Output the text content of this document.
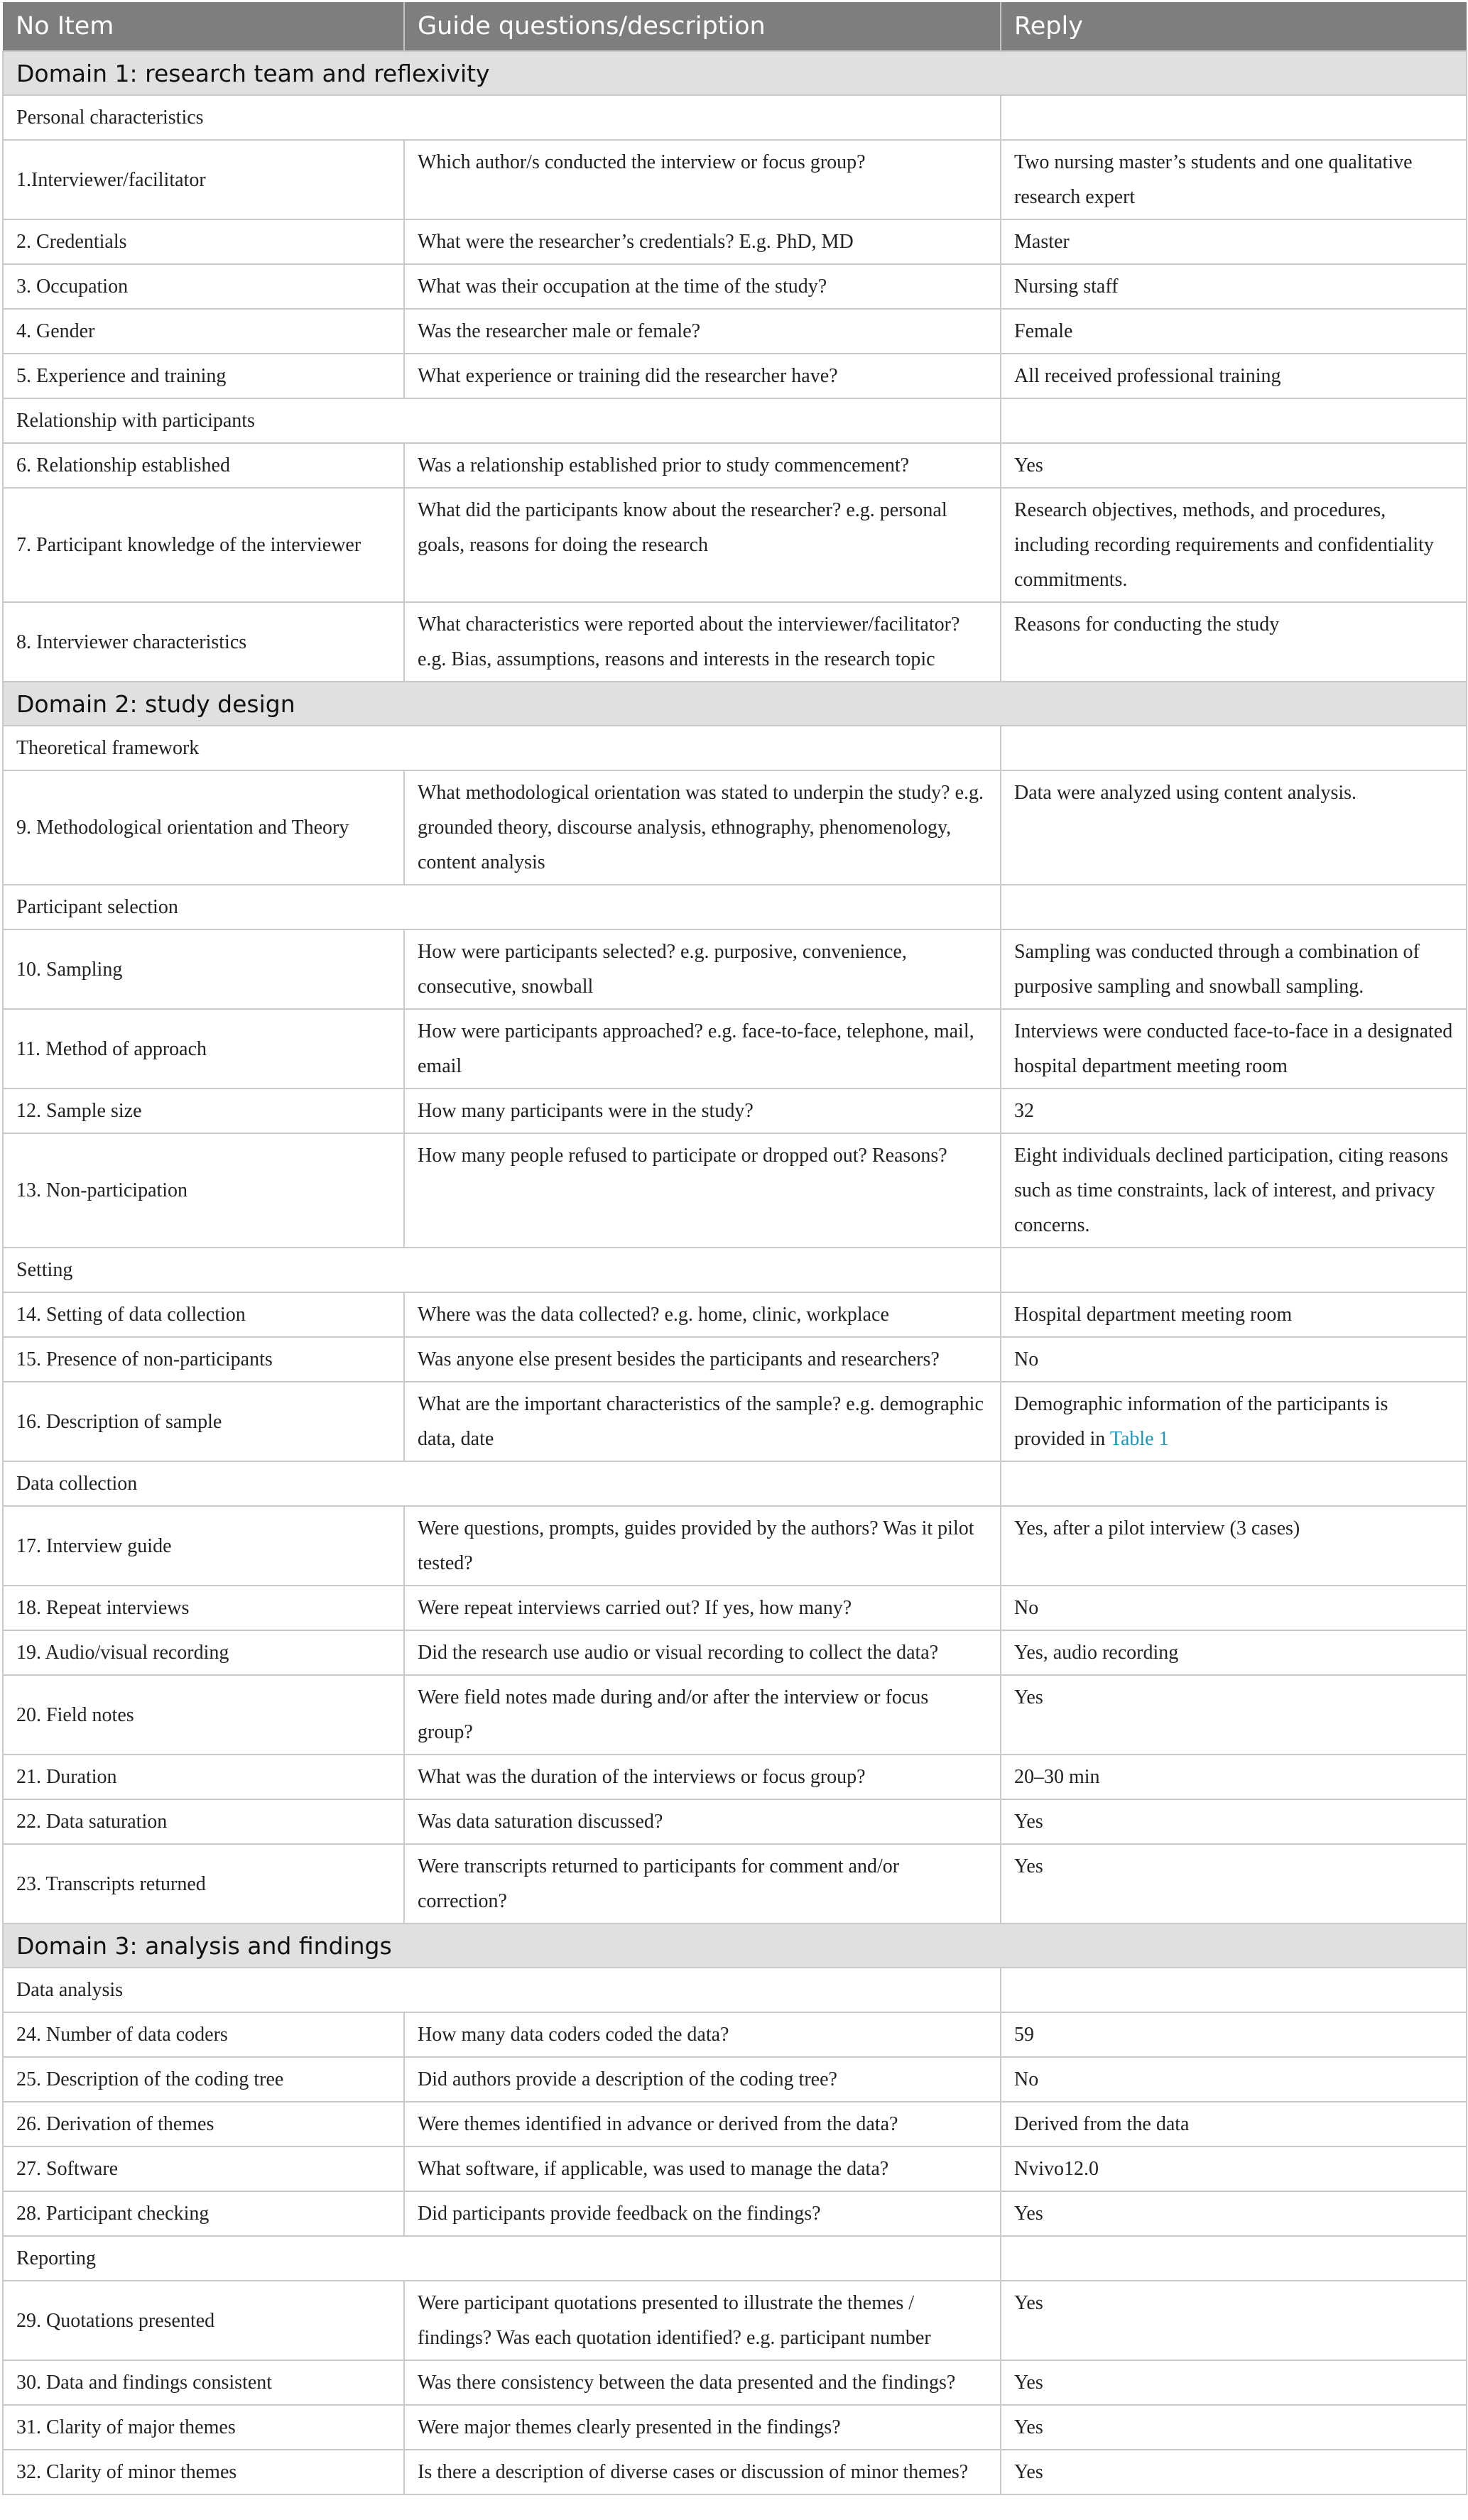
No Item	Guide questions/description	Reply
Domain 1: research team and reflexivity		
Personal characteristics		
1.Interviewer/facilitator	Which author/s conducted the interview or focus group?	Two nursing master’s students and one qualitative research expert
2. Credentials	What were the researcher’s credentials? E.g. PhD, MD	Master
3. Occupation	What was their occupation at the time of the study?	Nursing staff
4. Gender	Was the researcher male or female?	Female
5. Experience and training	What experience or training did the researcher have?	All received professional training
Relationship with participants		
6. Relationship established	Was a relationship established prior to study commencement?	Yes
7. Participant knowledge of the interviewer	What did the participants know about the researcher? e.g. personal goals, reasons for doing the research	Research objectives, methods, and procedures, including recording requirements and confidentiality commitments.
8. Interviewer characteristics	What characteristics were reported about the interviewer/facilitator? e.g. Bias, assumptions, reasons and interests in the research topic	Reasons for conducting the study
Domain 2: study design		
Theoretical framework		
9. Methodological orientation and Theory	What methodological orientation was stated to underpin the study? e.g. grounded theory, discourse analysis, ethnography, phenomenology, content analysis	Data were analyzed using content analysis.
Participant selection		
10. Sampling	How were participants selected? e.g. purposive, convenience, consecutive, snowball	Sampling was conducted through a combination of purposive sampling and snowball sampling.
11. Method of approach	How were participants approached? e.g. face-to-face, telephone, mail, email	Interviews were conducted face-to-face in a designated hospital department meeting room
12. Sample size	How many participants were in the study?	32
13. Non-participation	How many people refused to participate or dropped out? Reasons?	Eight individuals declined participation, citing reasons such as time constraints, lack of interest, and privacy concerns.
Setting		
14. Setting of data collection	Where was the data collected? e.g. home, clinic, workplace	Hospital department meeting room
15. Presence of non-participants	Was anyone else present besides the participants and researchers?	No
16. Description of sample	What are the important characteristics of the sample? e.g. demographic data, date	Demographic information of the participants is provided in Table 1
Data collection		
17. Interview guide	Were questions, prompts, guides provided by the authors? Was it pilot tested?	Yes, after a pilot interview (3 cases)
18. Repeat interviews	Were repeat interviews carried out? If yes, how many?	No
19. Audio/visual recording	Did the research use audio or visual recording to collect the data?	Yes, audio recording
20. Field notes	Were field notes made during and/or after the interview or focus group?	Yes
21. Duration	What was the duration of the interviews or focus group?	20–30 min
22. Data saturation	Was data saturation discussed?	Yes
23. Transcripts returned	Were transcripts returned to participants for comment and/or correction?	Yes
Domain 3: analysis and findings		
Data analysis		
24. Number of data coders	How many data coders coded the data?	59
25. Description of the coding tree	Did authors provide a description of the coding tree?	No
26. Derivation of themes	Were themes identified in advance or derived from the data?	Derived from the data
27. Software	What software, if applicable, was used to manage the data?	Nvivo12.0
28. Participant checking	Did participants provide feedback on the findings?	Yes
Reporting		
29. Quotations presented	Were participant quotations presented to illustrate the themes / findings? Was each quotation identified? e.g. participant number	Yes
30. Data and findings consistent	Was there consistency between the data presented and the findings?	Yes
31. Clarity of major themes	Were major themes clearly presented in the findings?	Yes
32. Clarity of minor themes	Is there a description of diverse cases or discussion of minor themes?	Yes
